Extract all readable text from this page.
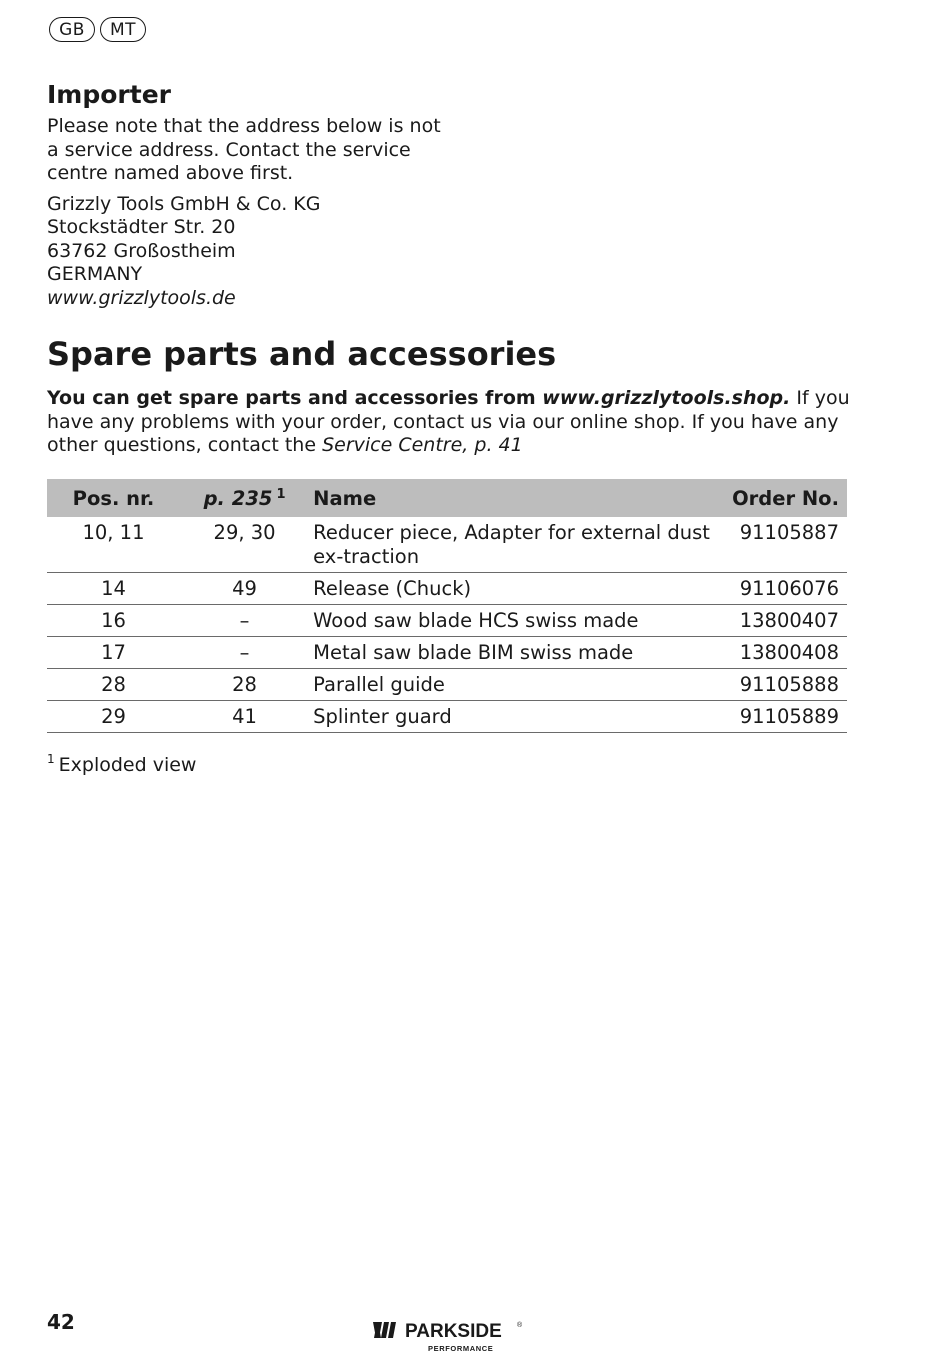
GB	MT
Importer

Please note that the address below is not

a service address. Contact the service

centre named above first.

Grizzly Tools GmbH & Co. KG

Stockstädter Str. 20

63762 Großostheim

GERMANY

www.grizzlytools.de

Spare parts and accessories

You can get spare parts and accessories from www.grizzlytools.shop. If you have any problems with your order, contact us via our online shop. If you have any other questions, contact the Service Centre, p. 41

Pos. nr.	p. 235 $^1$	Name	Order No.
10, 11	29, 30	Reducer piece, Adapter for external dust ex-traction	91105887
14	49	Release (Chuck)	91106076
16	–	Wood saw blade HCS swiss made	13800407
17	–	Metal saw blade BIM swiss made	13800408
28	28	Parallel guide	91105888
29	41	Splinter guard	91105889
$^1$ Exploded view
42	PARKSIDE ®
PERFORMANCE
